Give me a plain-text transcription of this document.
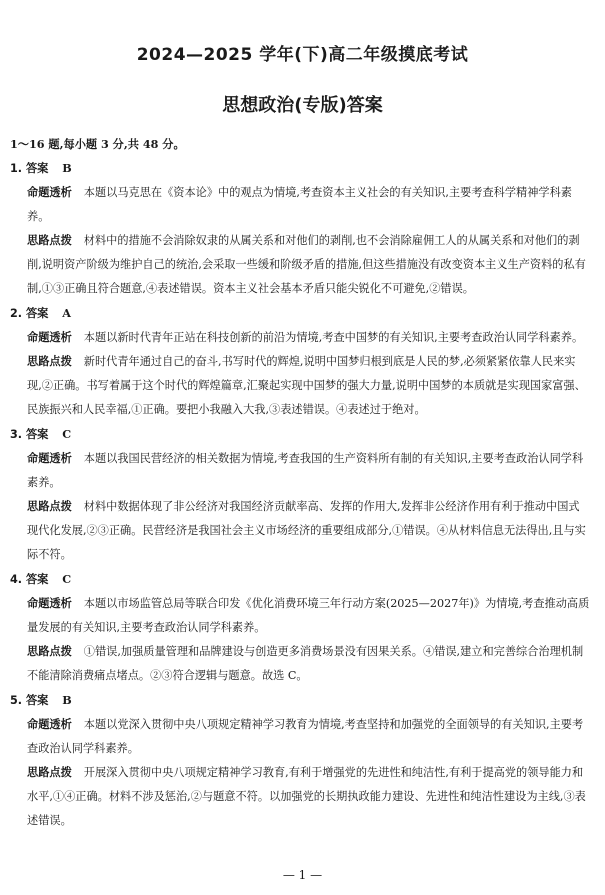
2024—2025 学年(下)高二年级摸底考试
思想政治(专版)答案

1～16 题,每小题 3 分,共 48 分。

1. 答案 B

命题透析 本题以马克思在《资本论》中的观点为情境,考查资本主义社会的有关知识,主要考查科学精神学科素养。

思路点拨 材料中的措施不会消除奴隶的从属关系和对他们的剥削,也不会消除雇佣工人的从属关系和对他们的剥削,说明资产阶级为维护自己的统治,会采取一些缓和阶级矛盾的措施,但这些措施没有改变资本主义生产资料的私有制,①③正确且符合题意,④表述错误。资本主义社会基本矛盾只能尖锐化不可避免,②错误。

2. 答案 A

命题透析 本题以新时代青年正站在科技创新的前沿为情境,考查中国梦的有关知识,主要考查政治认同学科素养。

思路点拨 新时代青年通过自己的奋斗,书写时代的辉煌,说明中国梦归根到底是人民的梦,必须紧紧依靠人民来实现,②正确。书写着属于这个时代的辉煌篇章,汇聚起实现中国梦的强大力量,说明中国梦的本质就是实现国家富强、民族振兴和人民幸福,①正确。要把小我融入大我,③表述错误。④表述过于绝对。

3. 答案 C

命题透析 本题以我国民营经济的相关数据为情境,考查我国的生产资料所有制的有关知识,主要考查政治认同学科素养。

思路点拨 材料中数据体现了非公经济对我国经济贡献率高、发挥的作用大,发挥非公经济作用有利于推动中国式现代化发展,②③正确。民营经济是我国社会主义市场经济的重要组成部分,①错误。④从材料信息无法得出,且与实际不符。

4. 答案 C

命题透析 本题以市场监管总局等联合印发《优化消费环境三年行动方案(2025—2027年)》为情境,考查推动高质量发展的有关知识,主要考查政治认同学科素养。

思路点拨 ①错误,加强质量管理和品牌建设与创造更多消费场景没有因果关系。④错误,建立和完善综合治理机制不能清除消费痛点堵点。②③符合逻辑与题意。故选 C。

5. 答案 B

命题透析 本题以党深入贯彻中央八项规定精神学习教育为情境,考查坚持和加强党的全面领导的有关知识,主要考查政治认同学科素养。

思路点拨 开展深入贯彻中央八项规定精神学习教育,有利于增强党的先进性和纯洁性,有利于提高党的领导能力和水平,①④正确。材料不涉及惩治,②与题意不符。以加强党的长期执政能力建设、先进性和纯洁性建设为主线,③表述错误。

— 1 —
